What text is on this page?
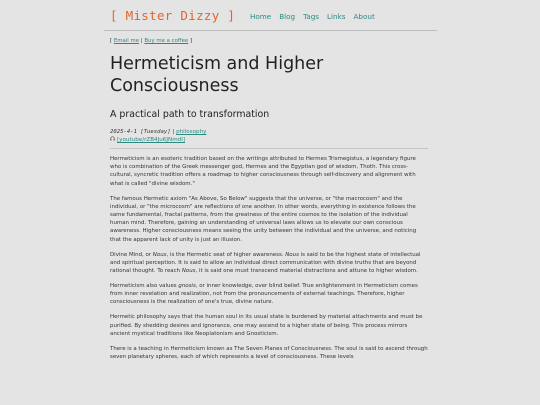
[ Mister Dizzy ] Home Blog Tags Links About

[ Email me | Buy me a coffee ]

Hermeticism and Higher Consciousness
A practical path to transformation
2025-4-1 [Tuesday] | philosophy
[youtube/rZB4Ju6JNmdI]

Hermeticism is an esoteric tradition based on the writings attributed to Hermes Trismegistus, a legendary figure who is combination of the Greek messenger god, Hermes and the Egyptian god of wisdom, Thoth. This cross-cultural, syncretic tradition offers a roadmap to higher consciousness through self-discovery and alignment with what is called "divine wisdom."

The famous Hermetic axiom "As Above, So Below" suggests that the universe, or "the macrocosm" and the individual, or "the microcosm" are reflections of one another. In other words, everything in existence follows the same fundamental, fractal patterns, from the greatness of the entire cosmos to the isolation of the individual human mind. Therefore, gaining an understanding of universal laws allows us to elevate our own conscious awareness. Higher consciousness means seeing the unity between the individual and the universe, and noticing that the apparent lack of unity is just an illusion.

Divine Mind, or Nous, is the Hermetic seat of higher awareness. Nous is said to be the highest state of intellectual and spiritual perception. It is said to allow an individual direct communication with divine truths that are beyond rational thought. To reach Nous, it is said one must transcend material distractions and attune to higher wisdom.

Hermeticism also values gnosis, or inner knowledge, over blind belief. True enlightenment in Hermeticism comes from inner revelation and realization, not from the pronouncements of external teachings. Therefore, higher consciousness is the realization of one's true, divine nature.

Hermetic philosophy says that the human soul in its usual state is burdened by material attachments and must be purified. By shedding desires and ignorance, one may ascend to a higher state of being. This process mirrors ancient mystical traditions like Neoplatonism and Gnosticism.

There is a teaching in Hermeticism known as The Seven Planes of Consciousness. The soul is said to ascend through seven planetary spheres, each of which represents a level of consciousness. These levels
